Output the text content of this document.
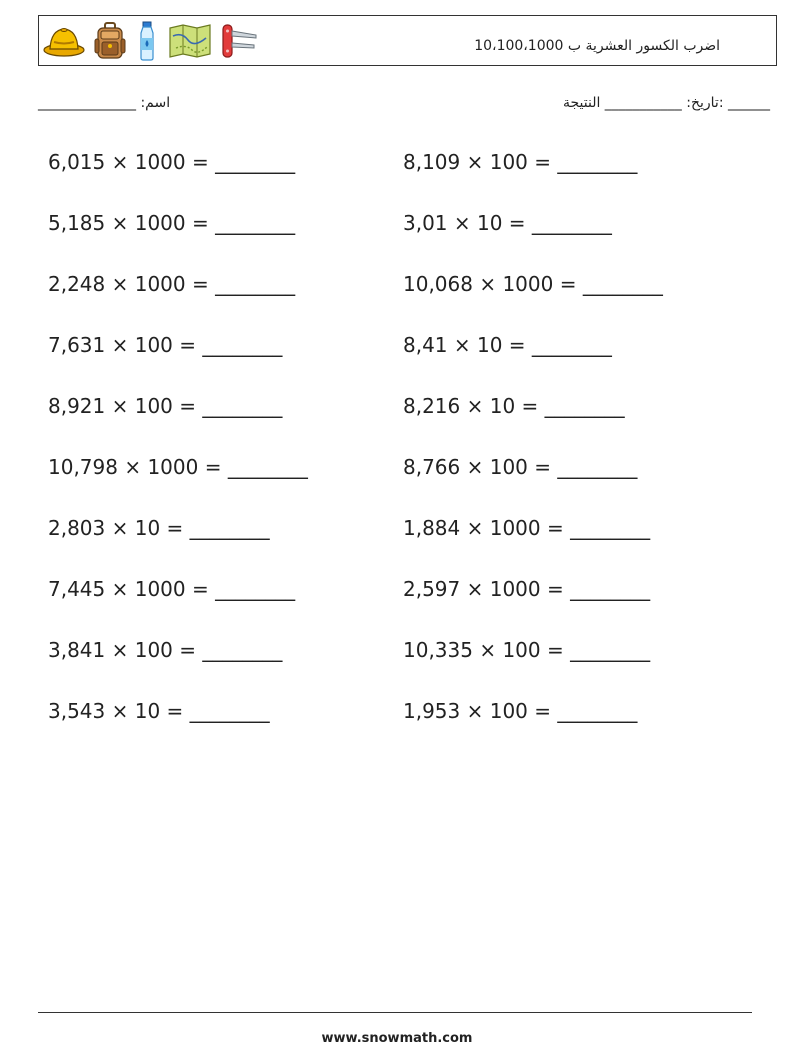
اضرب الكسور العشرية ب 10،100،1000
اسم: ______________	______ :تاريخ: ___________ النتيجة
6,015 × 1000 = ________	8,109 × 100 = ________
5,185 × 1000 = ________	3,01 × 10 = ________
2,248 × 1000 = ________	10,068 × 1000 = ________
7,631 × 100 = ________	8,41 × 10 = ________
8,921 × 100 = ________	8,216 × 10 = ________
10,798 × 1000 = ________	8,766 × 100 = ________
2,803 × 10 = ________	1,884 × 1000 = ________
7,445 × 1000 = ________	2,597 × 1000 = ________
3,841 × 100 = ________	10,335 × 100 = ________
3,543 × 10 = ________	1,953 × 100 = ________
www.snowmath.com
